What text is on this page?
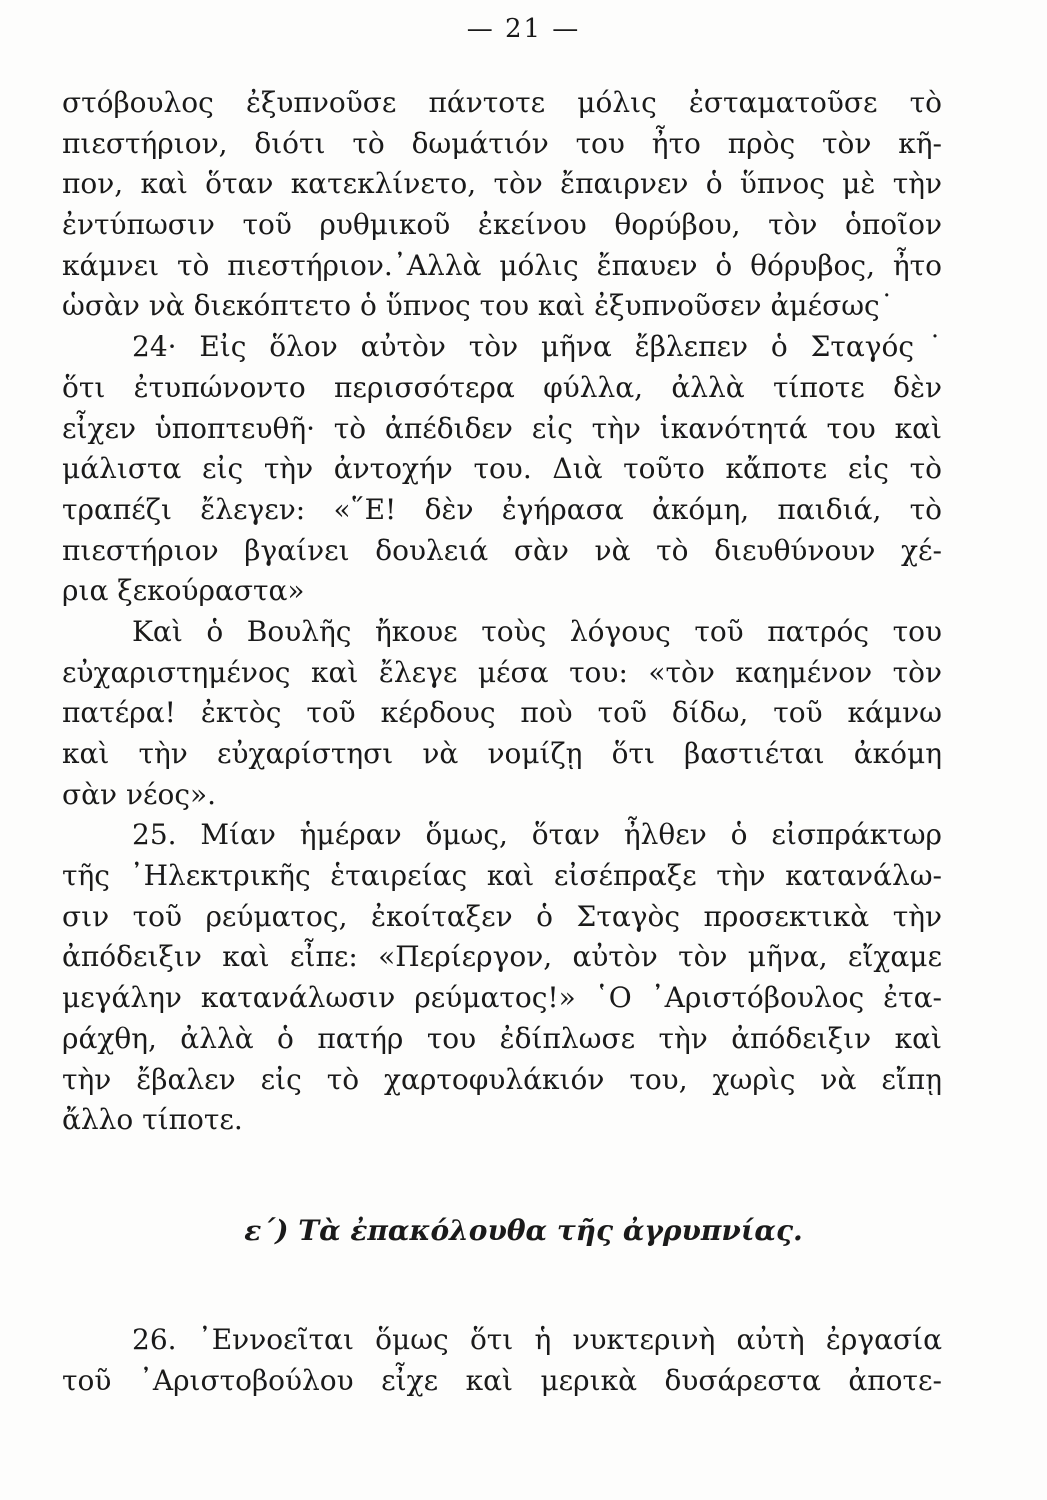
— 21 —
στόβουλος ἐξυπνοῦσε πάντοτε μόλις ἐσταματοῦσε τὸ
πιεστήριον, διότι τὸ δωμάτιόν του ἦτο πρὸς τὸν κῆ-
πον, καὶ ὅταν κατεκλίνετο, τὸν ἔπαιρνεν ὁ ὕπνος μὲ τὴν
ἐντύπωσιν τοῦ ρυθμικοῦ ἐκείνου θορύβου, τὸν ὁποῖον
κάμνει τὸ πιεστήριον.᾿Αλλὰ μόλις ἔπαυεν ὁ θόρυβος, ἦτο
ὡσὰν νὰ διεκόπτετο ὁ ὕπνος του καὶ ἐξυπνοῦσεν ἀμέσως˙
24· Εἰς ὅλον αὐτὸν τὸν μῆνα ἔβλεπεν ὁ Σταγός˙
ὅτι ἐτυπώνοντο περισσότερα φύλλα, ἀλλὰ τίποτε δὲν
εἶχεν ὑποπτευθῆ· τὸ ἀπέδιδεν εἰς τὴν ἱκανότητά του καὶ
μάλιστα εἰς τὴν ἀντοχήν του. Διὰ τοῦτο κἄποτε εἰς τὸ
τραπέζι ἔλεγεν: «῞Ε! δὲν ἐγήρασα ἀκόμη, παιδιά, τὸ
πιεστήριον βγαίνει δουλειά σὰν νὰ τὸ διευθύνουν χέ-
ρια ξεκούραστα»
Καὶ ὁ Βουλῆς ἤκουε τοὺς λόγους τοῦ πατρός του
εὐχαριστημένος καὶ ἔλεγε μέσα του: «τὸν καημένον τὸν
πατέρα! ἐκτὸς τοῦ κέρδους ποὺ τοῦ δίδω, τοῦ κάμνω
καὶ τὴν εὐχαρίστησι νὰ νομίζῃ ὅτι βαστιέται ἀκόμη
σὰν νέος».
25. Μίαν ἡμέραν ὅμως, ὅταν ἦλθεν ὁ εἰσπράκτωρ
τῆς ᾿Ηλεκτρικῆς ἑταιρείας καὶ εἰσέπραξε τὴν κατανάλω-
σιν τοῦ ρεύματος, ἐκοίταξεν ὁ Σταγὸς προσεκτικὰ τὴν
ἀπόδειξιν καὶ εἶπε: «Περίεργον, αὐτὸν τὸν μῆνα, εἴχαμε
μεγάλην κατανάλωσιν ρεύματος!» ῾Ο ᾿Αριστόβουλος ἐτα-
ράχθη, ἀλλὰ ὁ πατήρ του ἐδίπλωσε τὴν ἀπόδειξιν καὶ
τὴν ἔβαλεν εἰς τὸ χαρτοφυλάκιόν του, χωρὶς νὰ εἴπῃ
ἄλλο τίποτε.
ε΄) Τὰ ἐπακόλουθα τῆς ἀγρυπνίας.
26. ᾿Εννοεῖται ὅμως ὅτι ἡ νυκτερινὴ αὐτὴ ἐργασία
τοῦ ᾿Αριστοβούλου εἶχε καὶ μερικὰ δυσάρεστα ἀποτε-
